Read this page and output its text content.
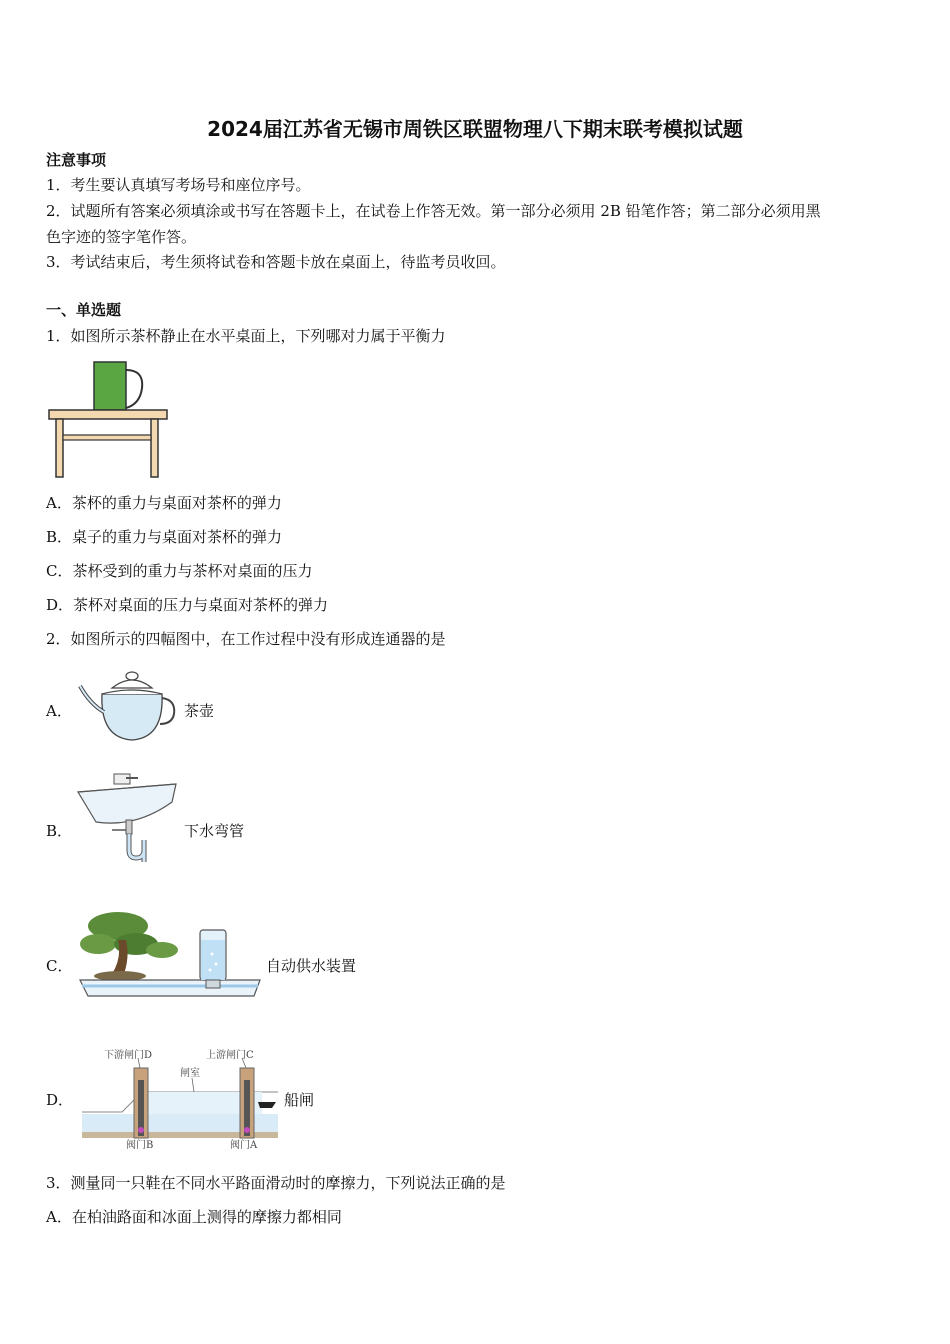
2024届江苏省无锡市周铁区联盟物理八下期末联考模拟试题
注意事项
1．考生要认真填写考场号和座位序号。
2．试题所有答案必须填涂或书写在答题卡上，在试卷上作答无效。第一部分必须用 2B 铅笔作答；第二部分必须用黑
色字迹的签字笔作答。
3．考试结束后，考生须将试卷和答题卡放在桌面上，待监考员收回。
一、单选题
1．如图所示茶杯静止在水平桌面上，下列哪对力属于平衡力
A．茶杯的重力与桌面对茶杯的弹力
B．桌子的重力与桌面对茶杯的弹力
C．茶杯受到的重力与茶杯对桌面的压力
D．茶杯对桌面的压力与桌面对茶杯的弹力
2．如图所示的四幅图中，在工作过程中没有形成连通器的是
A．	茶壶
B．	下水弯管
C．	自动供水装置
D．
下游闸门D	上游闸门C
闸室
阀门B	阀门A
船闸
3．测量同一只鞋在不同水平路面滑动时的摩擦力，下列说法正确的是
A．在柏油路面和冰面上测得的摩擦力都相同
